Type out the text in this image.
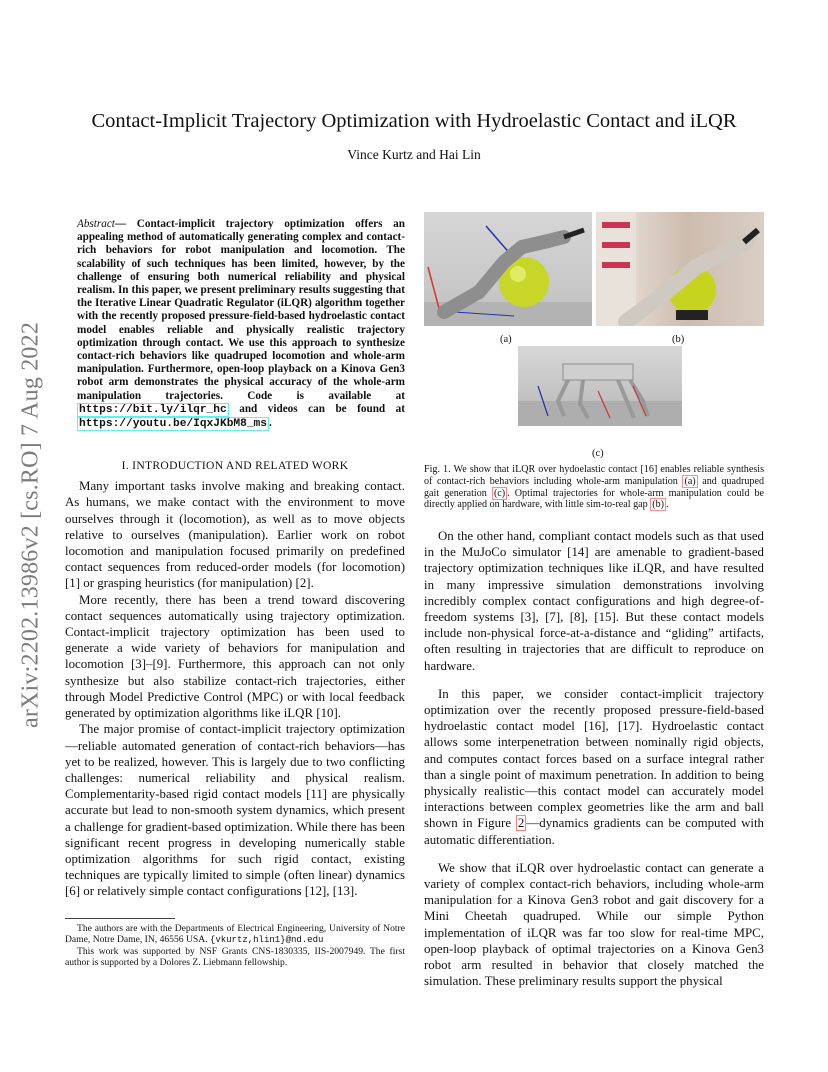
arXiv:2202.13986v2 [cs.RO] 7 Aug 2022
Contact-Implicit Trajectory Optimization with Hydroelastic Contact and iLQR
Vince Kurtz and Hai Lin

Abstract— Contact-implicit trajectory optimization offers an appealing method of automatically generating complex and contact-rich behaviors for robot manipulation and locomotion. The scalability of such techniques has been limited, however, by the challenge of ensuring both numerical reliability and physical realism. In this paper, we present preliminary results suggesting that the Iterative Linear Quadratic Regulator (iLQR) algorithm together with the recently proposed pressure-field-based hydroelastic contact model enables reliable and physically realistic trajectory optimization through contact. We use this approach to synthesize contact-rich behaviors like quadruped locomotion and whole-arm manipulation. Furthermore, open-loop playback on a Kinova Gen3 robot arm demonstrates the physical accuracy of the whole-arm manipulation trajectories. Code is available at https://bit.ly/ilqr_hc and videos can be found at https://youtu.be/IqxJKbM8_ms .

I. INTRODUCTION AND RELATED WORK

Many important tasks involve making and breaking contact. As humans, we make contact with the environment to move ourselves through it (locomotion), as well as to move objects relative to ourselves (manipulation). Earlier work on robot locomotion and manipulation focused primarily on predefined contact sequences from reduced-order models (for locomotion) [1] or grasping heuristics (for manipulation) [2].

More recently, there has been a trend toward discovering contact sequences automatically using trajectory optimization. Contact-implicit trajectory optimization has been used to generate a wide variety of behaviors for manipulation and locomotion [3]–[9]. Furthermore, this approach can not only synthesize but also stabilize contact-rich trajectories, either through Model Predictive Control (MPC) or with local feedback generated by optimization algorithms like iLQR [10].

The major promise of contact-implicit trajectory optimization—reliable automated generation of contact-rich behaviors—has yet to be realized, however. This is largely due to two conflicting challenges: numerical reliability and physical realism. Complementarity-based rigid contact models [11] are physically accurate but lead to non-smooth system dynamics, which present a challenge for gradient-based optimization. While there has been significant recent progress in developing numerically stable optimization algorithms for such rigid contact, existing techniques are typically limited to simple (often linear) dynamics [6] or relatively simple contact configurations [12], [13].

The authors are with the Departments of Electrical Engineering, University of Notre Dame, Notre Dame, IN, 46556 USA. {vkurtz,hlin1}@nd.edu

This work was supported by NSF Grants CNS-1830335, IIS-2007949. The first author is supported by a Dolores Z. Liebmann fellowship.

(a)	(b)
(c)
Fig. 1. We show that iLQR over hydoelastic contact [16] enables reliable synthesis of contact-rich behaviors including whole-arm manipulation (a) and quadruped gait generation (c) . Optimal trajectories for whole-arm manipulation could be directly applied on hardware, with little sim-to-real gap (b) .

On the other hand, compliant contact models such as that used in the MuJoCo simulator [14] are amenable to gradient-based trajectory optimization techniques like iLQR, and have resulted in many impressive simulation demonstrations involving incredibly complex contact configurations and high degree-of-freedom systems [3], [7], [8], [15]. But these contact models include non-physical force-at-a-distance and “gliding” artifacts, often resulting in trajectories that are difficult to reproduce on hardware.

In this paper, we consider contact-implicit trajectory optimization over the recently proposed pressure-field-based hydroelastic contact model [16], [17]. Hydroelastic contact allows some interpenetration between nominally rigid objects, and computes contact forces based on a surface integral rather than a single point of maximum penetration. In addition to being physically realistic—this contact model can accurately model interactions between complex geometries like the arm and ball shown in Figure 2 —dynamics gradients can be computed with automatic differentiation.

We show that iLQR over hydroelastic contact can generate a variety of complex contact-rich behaviors, including whole-arm manipulation for a Kinova Gen3 robot and gait discovery for a Mini Cheetah quadruped. While our simple Python implementation of iLQR was far too slow for real-time MPC, open-loop playback of optimal trajectories on a Kinova Gen3 robot arm resulted in behavior that closely matched the simulation. These preliminary results support the physical
